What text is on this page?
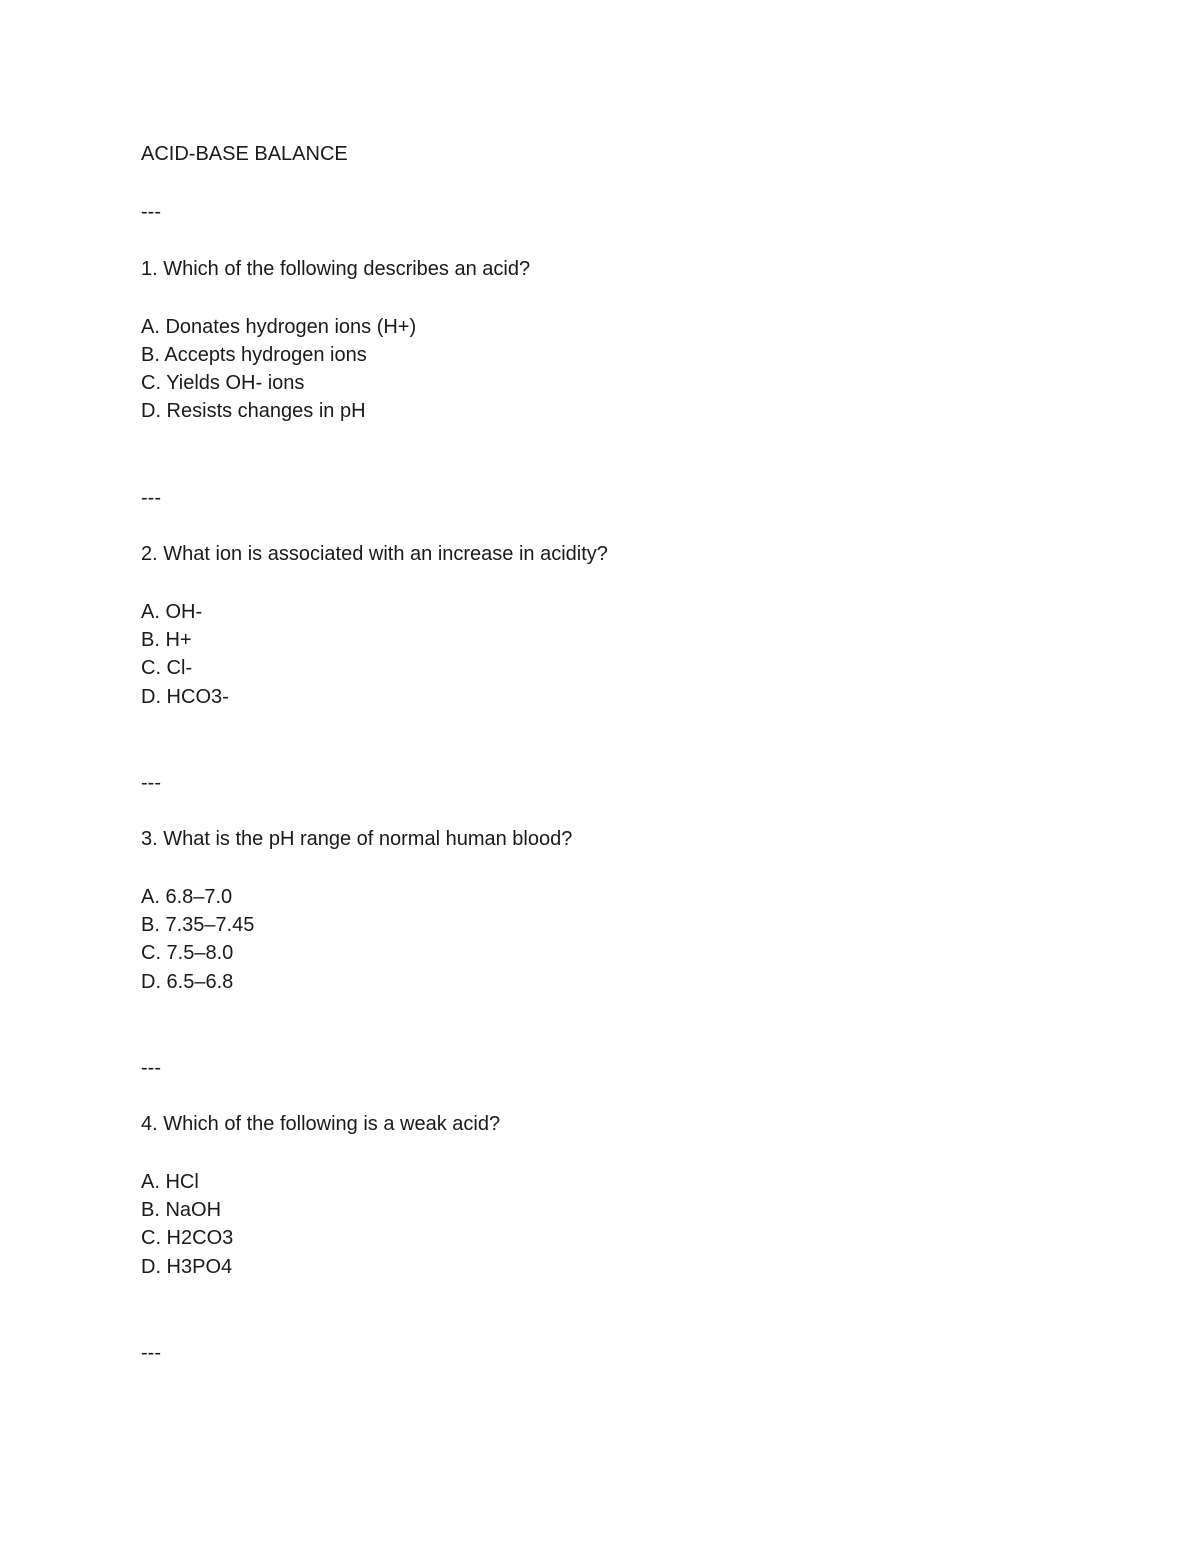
ACID-BASE BALANCE
---
1. Which of the following describes an acid?
A. Donates hydrogen ions (H+)
B. Accepts hydrogen ions
C. Yields OH- ions
D. Resists changes in pH
---
2. What ion is associated with an increase in acidity?
A. OH-
B. H+
C. Cl-
D. HCO3-
---
3. What is the pH range of normal human blood?
A. 6.8–7.0
B. 7.35–7.45
C. 7.5–8.0
D. 6.5–6.8
---
4. Which of the following is a weak acid?
A. HCl
B. NaOH
C. H2CO3
D. H3PO4
---
